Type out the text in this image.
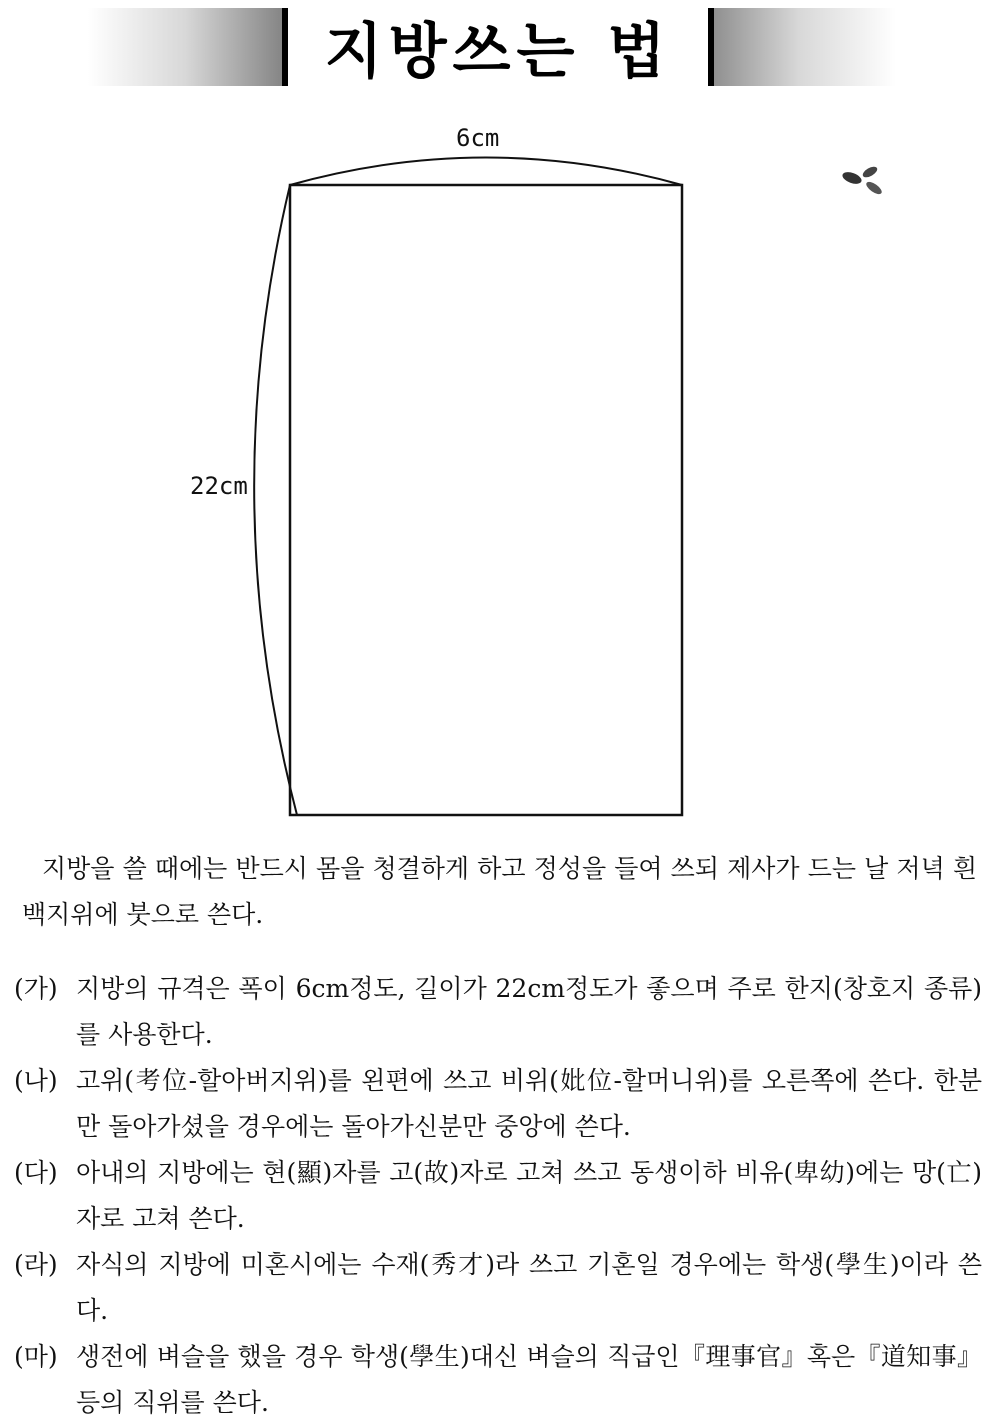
지방쓰는 법
6cm
22cm

지방을 쓸 때에는 반드시 몸을 청결하게 하고 정성을 들여 쓰되 제사가 드는 날 저녁 흰백지위에 붓으로 쓴다.

(가) 지방의 규격은 폭이 6cm정도, 길이가 22cm정도가 좋으며 주로 한지(창호지 종류)를 사용한다.
(나) 고위(考位-할아버지위)를 왼편에 쓰고 비위(妣位-할머니위)를 오른쪽에 쓴다. 한분만 돌아가셨을 경우에는 돌아가신분만 중앙에 쓴다.
(다) 아내의 지방에는 현(顯)자를 고(故)자로 고쳐 쓰고 동생이하 비유(卑幼)에는 망(亡)자로 고쳐 쓴다.
(라) 자식의 지방에 미혼시에는 수재(秀才)라 쓰고 기혼일 경우에는 학생(學生)이라 쓴다.
(마) 생전에 벼슬을 했을 경우 학생(學生)대신 벼슬의 직급인『理事官』혹은『道知事』등의 직위를 쓴다.
